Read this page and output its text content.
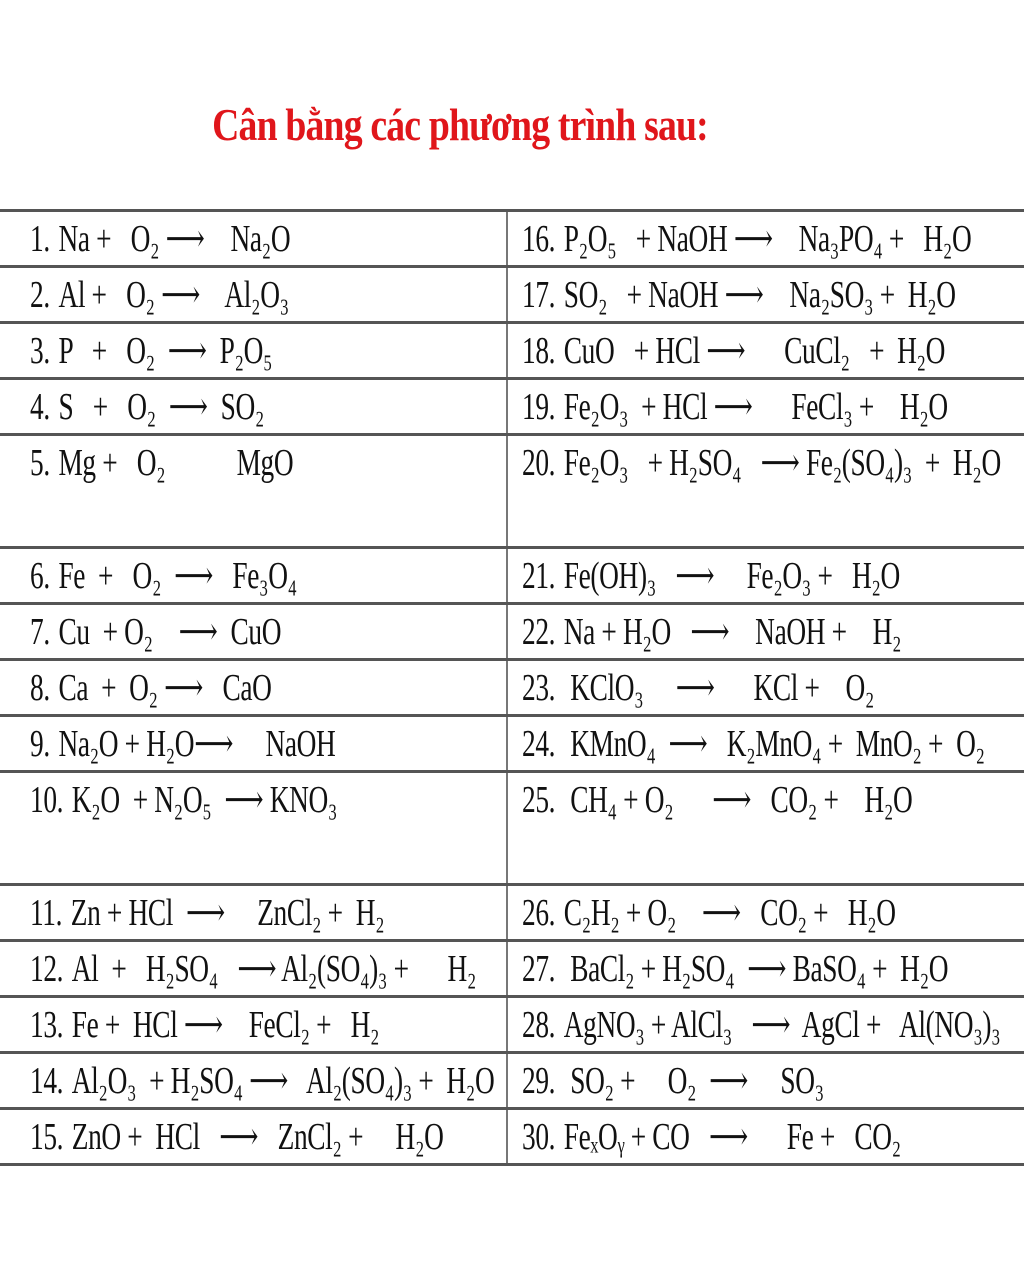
Cân bằng các phương trình sau:
1. Na +   O₂ ⟶    Na₂O	16. P₂O₅   + NaOH ⟶    Na₃PO₄ +   H₂O
2. Al +   O₂ ⟶    Al₂O₃	17. SO₂   + NaOH ⟶    Na₂SO₃ +  H₂O
3. P   +   O₂  ⟶  P₂O₅	18. CuO   + HCl ⟶      CuCl₂   +  H₂O
4. S   +   O₂  ⟶  SO₂	19. Fe₂O₃  + HCl ⟶      FeCl₃ +    H₂O
5. Mg +   O₂           MgO	20. Fe₂O₃   + H₂SO₄   ⟶ Fe₂(SO₄)₃  +  H₂O
6. Fe  +   O₂  ⟶   Fe₃O₄	21. Fe(OH)₃   ⟶     Fe₂O₃ +   H₂O
7. Cu  + O₂    ⟶  CuO	22. Na + H₂O   ⟶    NaOH +    H₂
8. Ca  +  O₂ ⟶   CaO	23. KClO₃     ⟶      KCl +    O₂
9. Na₂O + H₂O⟶     NaOH	24. KMnO₄  ⟶   K₂MnO₄ +  MnO₂ +  O₂
10. K₂O  + N₂O₅  ⟶ KNO₃	25. CH₄ + O₂      ⟶   CO₂ +    H₂O
11. Zn + HCl  ⟶     ZnCl₂ +  H₂	26. C₂H₂ + O₂    ⟶   CO₂ +   H₂O
12. Al  +   H₂SO₄   ⟶ Al₂(SO₄)₃ +      H₂	27. BaCl₂ + H₂SO₄  ⟶ BaSO₄ +  H₂O
13. Fe +  HCl ⟶    FeCl₂ +   H₂	28. AgNO₃ + AlCl₃   ⟶  AgCl +   Al(NO₃)₃
14. Al₂O₃  + H₂SO₄ ⟶   Al₂(SO₄)₃ +  H₂O 29. SO₂ +     O₂  ⟶     SO₃
15. ZnO +  HCl   ⟶   ZnCl₂ +     H₂O	30. FeₓOᵧ + CO   ⟶      Fe +   CO₂
